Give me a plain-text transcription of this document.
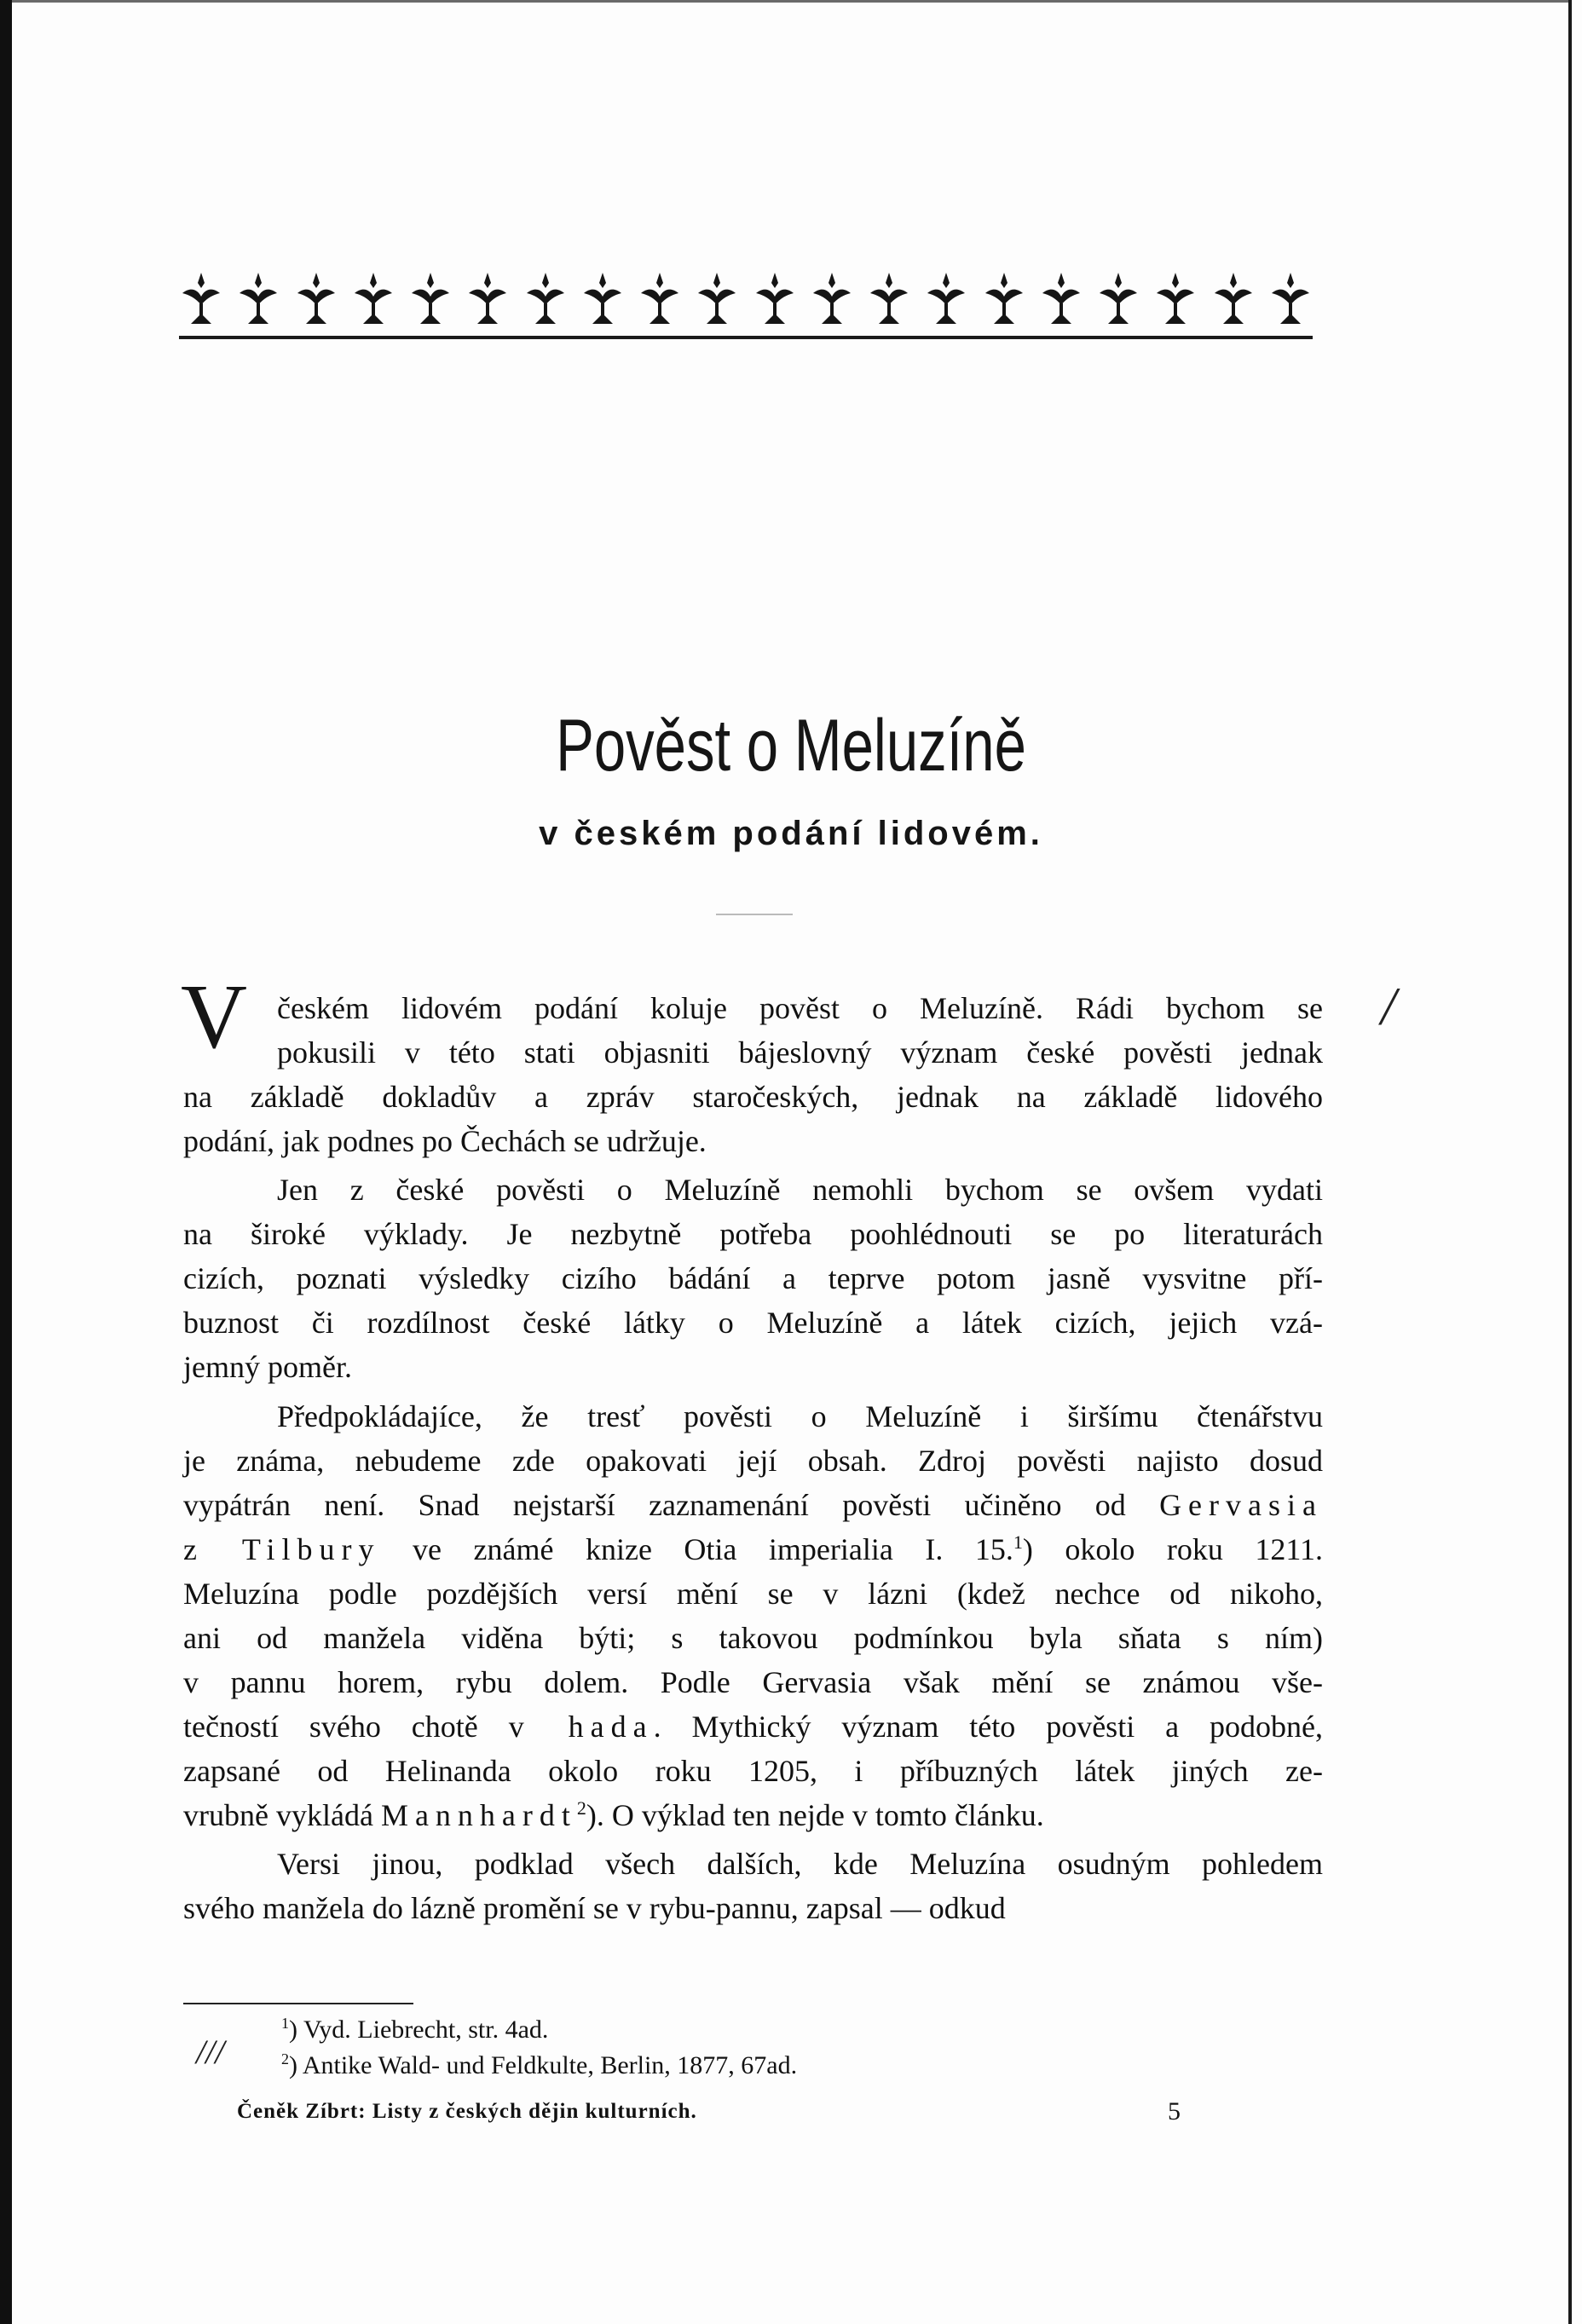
Pověst o Meluzíně
v českém podání lidovém.
V českém lidovém podání koluje pověst o Meluzíně. Rádi bychom se
pokusili v této stati objasniti bájeslovný význam české pověsti jednak
na základě dokladův a zpráv staročeských, jednak na základě lidového
podání, jak podnes po Čechách se udržuje.
Jen z české pověsti o Meluzíně nemohli bychom se ovšem vydati
na široké výklady. Je nezbytně potřeba poohlédnouti se po literaturách
cizích, poznati výsledky cizího bádání a teprve potom jasně vysvitne pří-
buznost či rozdílnost české látky o Meluzíně a látek cizích, jejich vzá-
jemný poměr.
Předpokládajíce, že tresť pověsti o Meluzíně i širšímu čtenářstvu
je známa, nebudeme zde opakovati její obsah. Zdroj pověsti najisto dosud
vypátrán není. Snad nejstarší zaznamenání pověsti učiněno od Gervasia
z Tilbury ve známé knize Otia imperialia I. 15.$^1$) okolo roku 1211.
Meluzína podle pozdějších versí mění se v lázni (kdež nechce od nikoho,
ani od manžela viděna býti; s takovou podmínkou byla sňata s ním)
v pannu horem, rybu dolem. Podle Gervasia však mění se známou vše-
tečností svého chotě v hada. Mythický význam této pověsti a podobné,
zapsané od Helinanda okolo roku 1205, i příbuzných látek jiných ze-
vrubně vykládá Mannhardt$^2$). O výklad ten nejde v tomto článku.
Versi jinou, podklad všech dalších, kde Meluzína osudným pohledem
svého manžela do lázně promění se v rybu-pannu, zapsal — odkud
$^1$) Vyd. Liebrecht, str. 4ad.
$^2$) Antike Wald- und Feldkulte, Berlin, 1877, 67ad.
Čeněk Zíbrt: Listy z českých dějin kulturních.	5
/
///
